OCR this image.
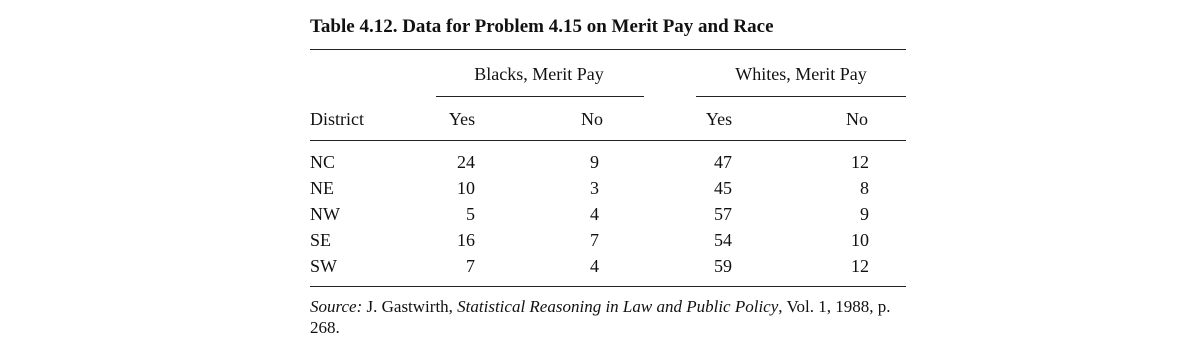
Table 4.12. Data for Problem 4.15 on Merit Pay and Race
Blacks, Merit Pay	Whites, Merit Pay
District	Yes	No	Yes	No
NC	24	9	47	12
NE	10	3	45	8
NW	5	4	57	9
SE	16	7	54	10
SW	7	4	59	12
Source: J. Gastwirth, Statistical Reasoning in Law and Public Policy, Vol. 1, 1988, p. 268.
